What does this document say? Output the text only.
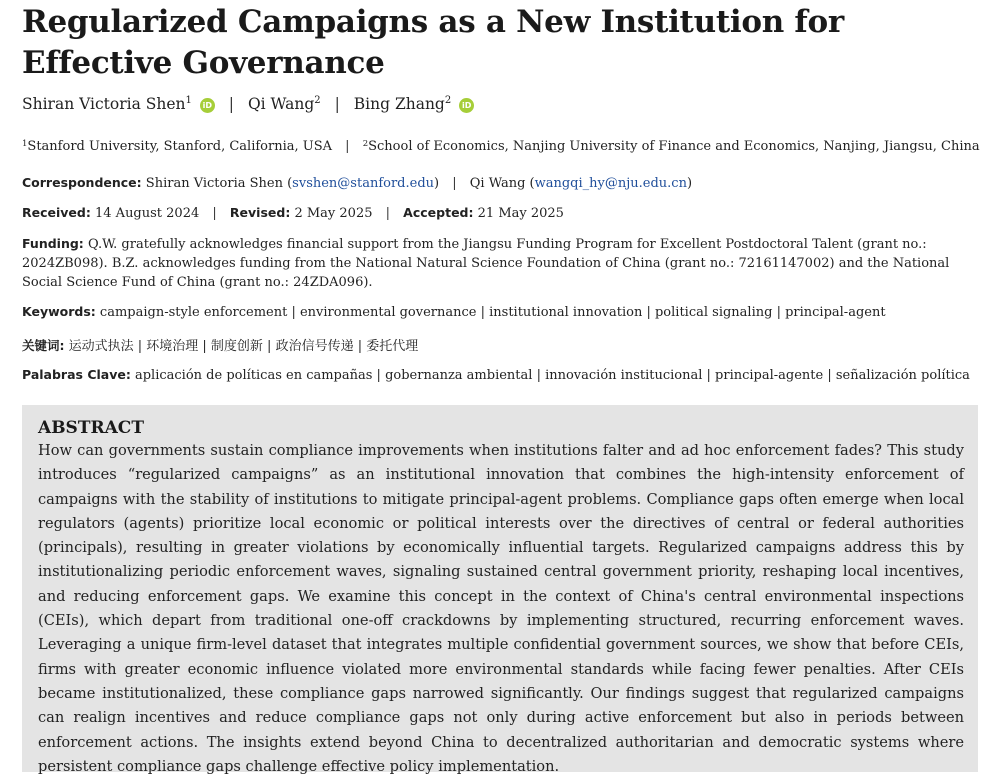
Regularized Campaigns as a New Institution for Effective Governance
Shiran Victoria Shen$^1$ iD | Qi Wang$^2$ | Bing Zhang$^2$ iD
$^1$Stanford University, Stanford, California, USA | $^2$School of Economics, Nanjing University of Finance and Economics, Nanjing, Jiangsu, China
Correspondence: Shiran Victoria Shen (svshen@stanford.edu) | Qi Wang (wangqi_hy@nju.edu.cn)
Received: 14 August 2024 | Revised: 2 May 2025 | Accepted: 21 May 2025
Funding: Q.W. gratefully acknowledges financial support from the Jiangsu Funding Program for Excellent Postdoctoral Talent (grant no.: 2024ZB098). B.Z. acknowledges funding from the National Natural Science Foundation of China (grant no.: 72161147002) and the National Social Science Fund of China (grant no.: 24ZDA096).
Keywords: campaign-style enforcement | environmental governance | institutional innovation | political signaling | principal-agent
关键词: 运动式执法 | 环境治理 | 制度创新 | 政治信号传递 | 委托代理
Palabras Clave: aplicación de políticas en campañas | gobernanza ambiental | innovación institucional | principal-agente | señalización política
ABSTRACT

How can governments sustain compliance improvements when institutions falter and ad hoc enforcement fades? This study introduces “regularized campaigns” as an institutional innovation that combines the high-intensity enforcement of campaigns with the stability of institutions to mitigate principal-agent problems. Compliance gaps often emerge when local regulators (agents) prioritize local economic or political interests over the directives of central or federal authorities (principals), resulting in greater violations by economically influential targets. Regularized campaigns address this by institutionalizing periodic enforcement waves, signaling sustained central government priority, reshaping local incentives, and reducing enforcement gaps. We examine this concept in the context of China's central environmental inspections (CEIs), which depart from traditional one-off crackdowns by implementing structured, recurring enforcement waves. Leveraging a unique firm-level dataset that integrates multiple confidential government sources, we show that before CEIs, firms with greater economic influence violated more environmental standards while facing fewer penalties. After CEIs became institutionalized, these compliance gaps narrowed significantly. Our findings suggest that regularized campaigns can realign incentives and reduce compliance gaps not only during active enforcement but also in periods between enforcement actions. The insights extend beyond China to decentralized authoritarian and democratic systems where persistent compliance gaps challenge effective policy implementation.
